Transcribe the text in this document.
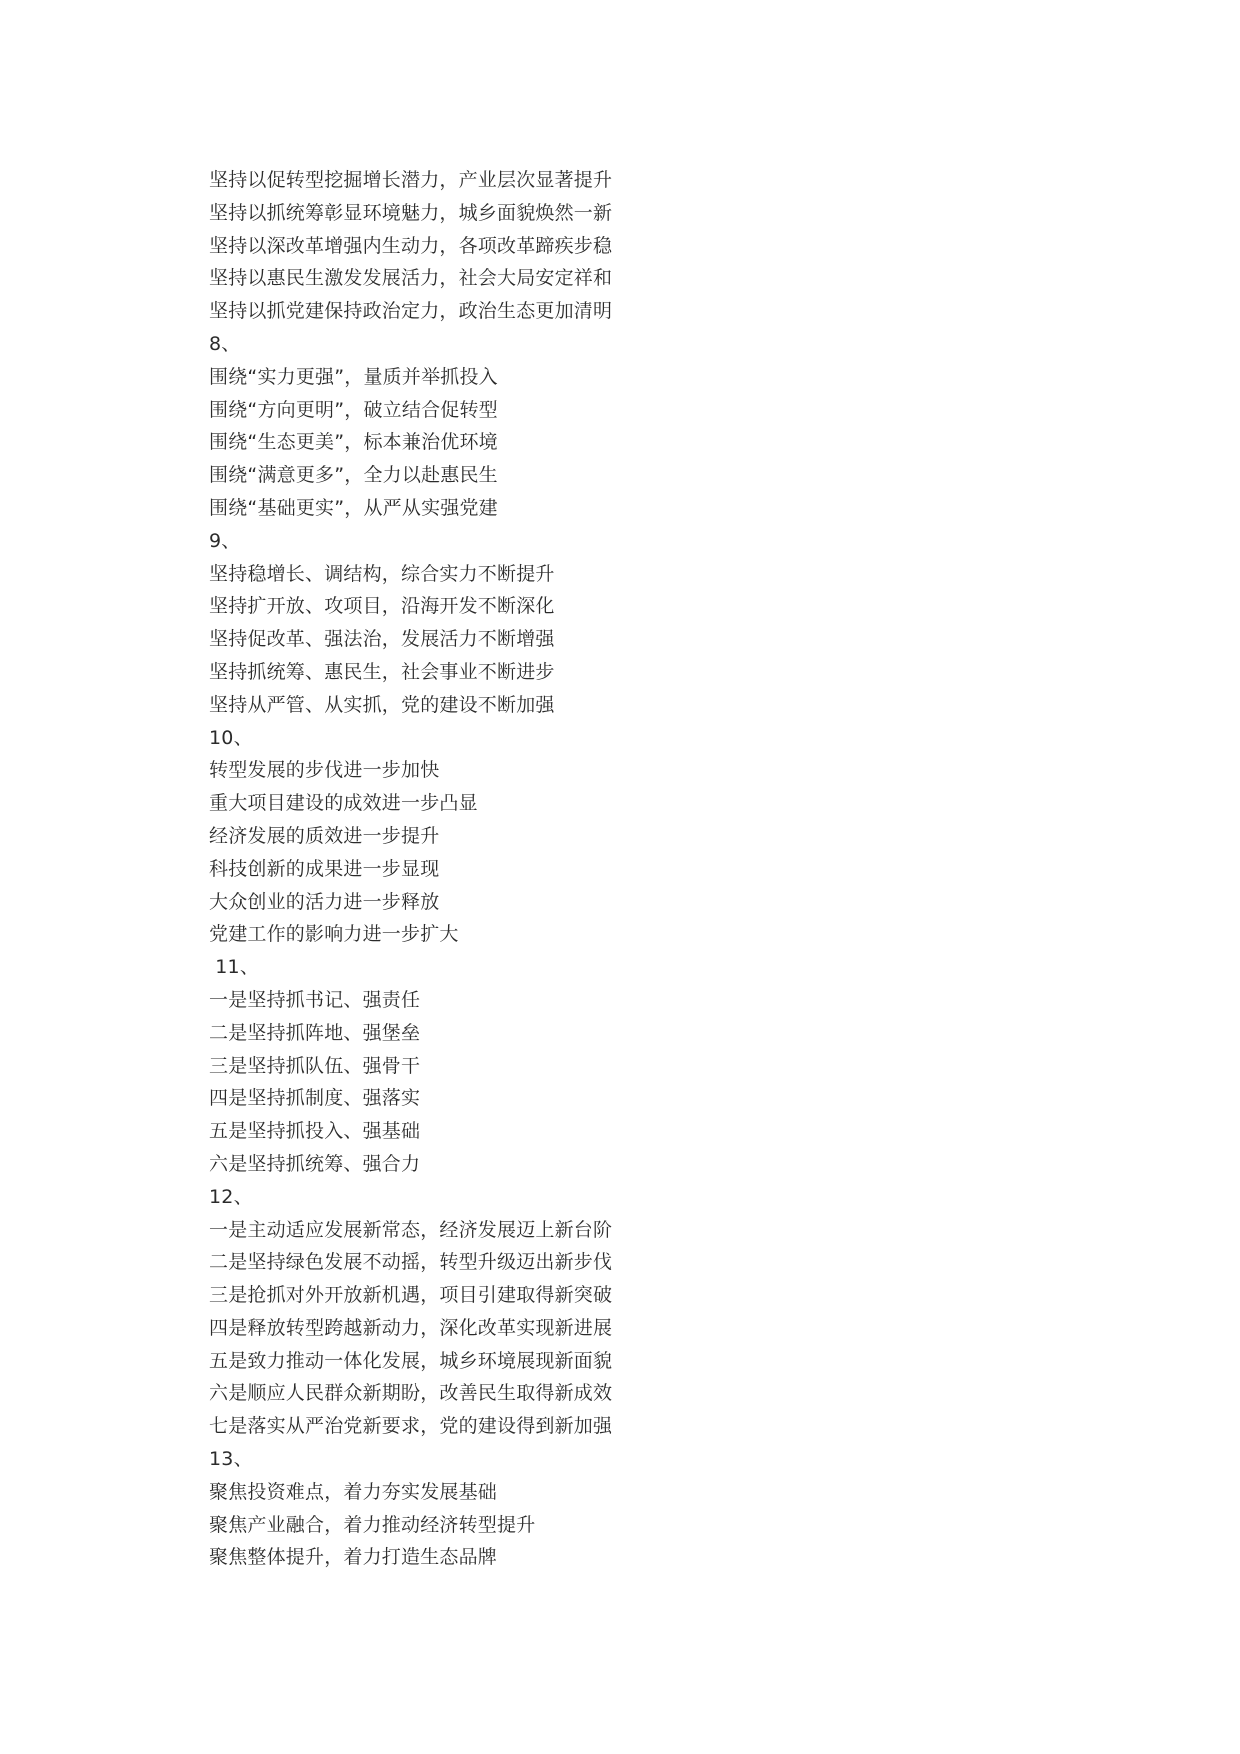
坚持以促转型挖掘增长潜力，产业层次显著提升
坚持以抓统筹彰显环境魅力，城乡面貌焕然一新
坚持以深改革增强内生动力，各项改革蹄疾步稳
坚持以惠民生激发发展活力，社会大局安定祥和
坚持以抓党建保持政治定力，政治生态更加清明
8、
围绕“实力更强”，量质并举抓投入
围绕“方向更明”，破立结合促转型
围绕“生态更美”，标本兼治优环境
围绕“满意更多”，全力以赴惠民生
围绕“基础更实”，从严从实强党建
9、
坚持稳增长、调结构，综合实力不断提升
坚持扩开放、攻项目，沿海开发不断深化
坚持促改革、强法治，发展活力不断增强
坚持抓统筹、惠民生，社会事业不断进步
坚持从严管、从实抓，党的建设不断加强
10、
转型发展的步伐进一步加快
重大项目建设的成效进一步凸显
经济发展的质效进一步提升
科技创新的成果进一步显现
大众创业的活力进一步释放
党建工作的影响力进一步扩大
11、
一是坚持抓书记、强责任
二是坚持抓阵地、强堡垒
三是坚持抓队伍、强骨干
四是坚持抓制度、强落实
五是坚持抓投入、强基础
六是坚持抓统筹、强合力
12、
一是主动适应发展新常态，经济发展迈上新台阶
二是坚持绿色发展不动摇，转型升级迈出新步伐
三是抢抓对外开放新机遇，项目引建取得新突破
四是释放转型跨越新动力，深化改革实现新进展
五是致力推动一体化发展，城乡环境展现新面貌
六是顺应人民群众新期盼，改善民生取得新成效
七是落实从严治党新要求，党的建设得到新加强
13、
聚焦投资难点，着力夯实发展基础
聚焦产业融合，着力推动经济转型提升
聚焦整体提升，着力打造生态品牌
